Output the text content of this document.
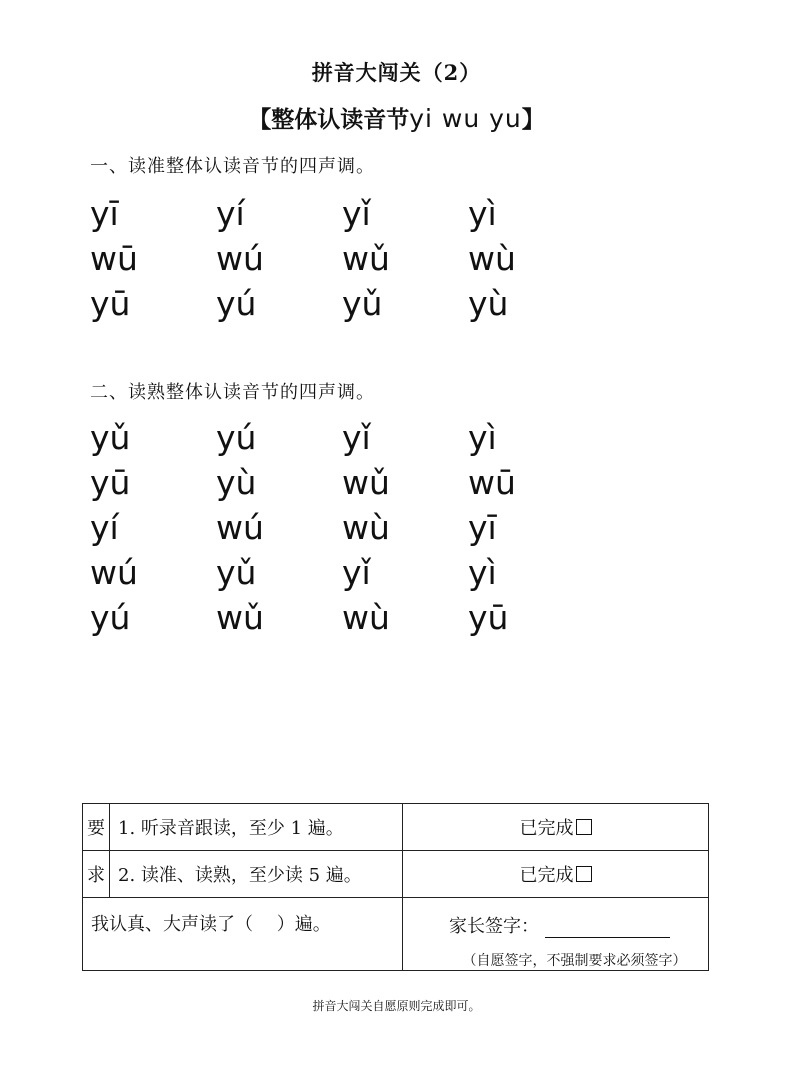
拼音大闯关（2）
【整体认读音节yi wu yu】
一、读准整体认读音节的四声调。
yī	yí	yǐ	yì
wū	wú	wǔ	wù
yū	yú	yǔ	yù
二、读熟整体认读音节的四声调。
yǔ	yú	yǐ	yì
yū	yù	wǔ	wū
yí	wú	wù	yī
wú	yǔ	yǐ	yì
yú	wǔ	wù	yū
要	1. 听录音跟读，至少 1 遍。	已完成
求	2. 读准、读熟，至少读 5 遍。	已完成
我认真、大声读了（　 ）遍。		家长签字：
（自愿签字，不强制要求必须签字）
拼音大闯关自愿原则完成即可。
